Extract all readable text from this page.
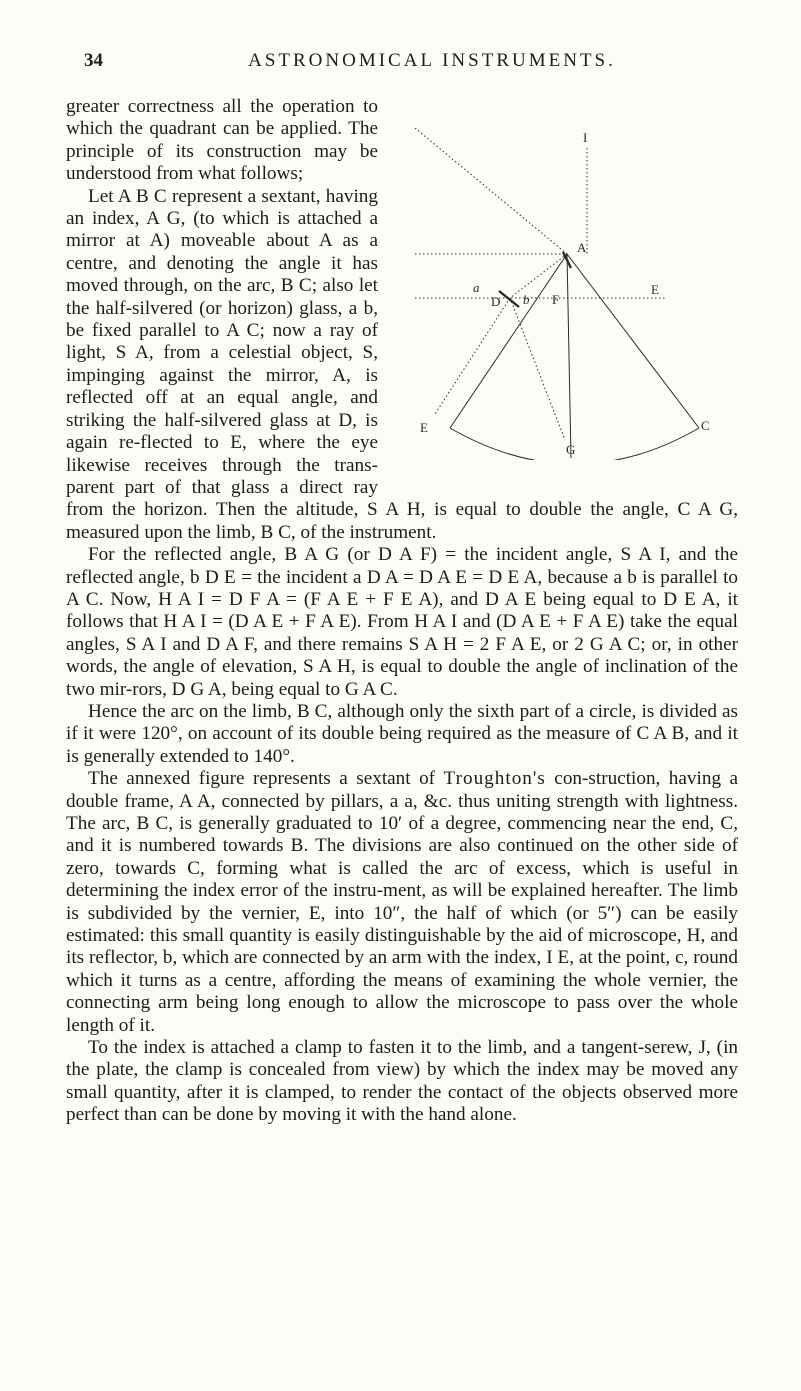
34	ASTRONOMICAL INSTRUMENTS.

greater correctness all the operation to which the quadrant can be applied. The principle of its construction may be understood from what follows;

Let A B C represent a sextant, having an index, A G, (to which is attached a mirror at A) moveable about A as a centre, and denoting the angle it has moved through, on the arc, B C; also let the half-silvered (or horizon) glass, a b, be fixed parallel to A C; now a ray of light, S A, from a celestial object, S, impinging against the mirror, A, is reflected off at an equal angle, and striking the half-silvered glass at D, is again re-flected to E, where the eye likewise receives through the trans-parent part of that glass a direct ray from the horizon. Then the altitude, S A H, is equal to double the angle, C A G, measured upon the limb, B C, of the instrument.

For the reflected angle, B A G (or D A F) = the incident angle, S A I, and the reflected angle, b D E = the incident a D A = D A E = D E A, because a b is parallel to A C. Now, H A I = D F A = (F A E + F E A), and D A E being equal to D E A, it follows that H A I = (D A E + F A E). From H A I and (D A E + F A E) take the equal angles, S A I and D A F, and there remains S A H = 2 F A E, or 2 G A C; or, in other words, the angle of elevation, S A H, is equal to double the angle of inclination of the two mir-rors, D G A, being equal to G A C.

Hence the arc on the limb, B C, although only the sixth part of a circle, is divided as if it were 120°, on account of its double being required as the measure of C A B, and it is generally extended to 140°.

The annexed figure represents a sextant of Troughton's con-struction, having a double frame, A A, connected by pillars, a a, &c. thus uniting strength with lightness. The arc, B C, is generally graduated to 10′ of a degree, commencing near the end, C, and it is numbered towards B. The divisions are also continued on the other side of zero, towards C, forming what is called the arc of excess, which is useful in determining the index error of the instru-ment, as will be explained hereafter. The limb is subdivided by the vernier, E, into 10″, the half of which (or 5″) can be easily estimated: this small quantity is easily distinguishable by the aid of microscope, H, and its reflector, b, which are connected by an arm with the index, I E, at the point, c, round which it turns as a centre, affording the means of examining the whole vernier, the connecting arm being long enough to allow the microscope to pass over the whole length of it.

To the index is attached a clamp to fasten it to the limb, and a tangent-serew, J, (in the plate, the clamp is concealed from view) by which the index may be moved any small quantity, after it is clamped, to render the contact of the objects observed more perfect than can be done by moving it with the hand alone.

I
A
a
D b F
E
E	C
G
